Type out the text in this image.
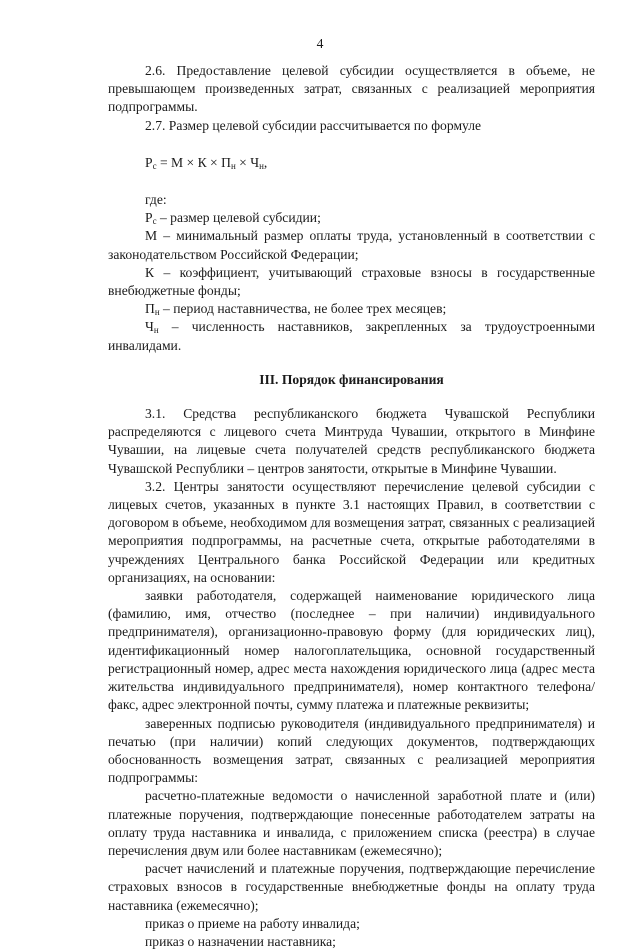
4

2.6. Предоставление целевой субсидии осуществляется в объеме, не превышающем произведенных затрат, связанных с реализацией мероприятия подпрограммы.

2.7. Размер целевой субсидии рассчитывается по формуле

$Р_с = М \times К \times П_н \times Ч_н$,

где:

$Р_с$ – размер целевой субсидии;

М – минимальный размер оплаты труда, установленный в соответствии с законодательством Российской Федерации;

К – коэффициент, учитывающий страховые взносы в государственные внебюджетные фонды;

$П_н$ – период наставничества, не более трех месяцев;

$Ч_н$ – численность наставников, закрепленных за трудоустроенными инвалидами.

III. Порядок финансирования

3.1. Средства республиканского бюджета Чувашской Республики распределяются с лицевого счета Минтруда Чувашии, открытого в Минфине Чувашии, на лицевые счета получателей средств республиканского бюджета Чувашской Республики – центров занятости, открытые в Минфине Чувашии.

3.2. Центры занятости осуществляют перечисление целевой субсидии с лицевых счетов, указанных в пункте 3.1 настоящих Правил, в соответствии с договором в объеме, необходимом для возмещения затрат, связанных с реализацией мероприятия подпрограммы, на расчетные счета, открытые работодателями в учреждениях Центрального банка Российской Федерации или кредитных организациях, на основании:

заявки работодателя, содержащей наименование юридического лица (фамилию, имя, отчество (последнее – при наличии) индивидуального предпринимателя), организационно-правовую форму (для юридических лиц), идентификационный номер налогоплательщика, основной государственный регистрационный номер, адрес места нахождения юридического лица (адрес места жительства индивидуального предпринимателя), номер контактного телефона/факс, адрес электронной почты, сумму платежа и платежные реквизиты;

заверенных подписью руководителя (индивидуального предпринимателя) и печатью (при наличии) копий следующих документов, подтверждающих обоснованность возмещения затрат, связанных с реализацией мероприятия подпрограммы:

расчетно-платежные ведомости о начисленной заработной плате и (или) платежные поручения, подтверждающие понесенные работодателем затраты на оплату труда наставника и инвалида, с приложением списка (реестра) в случае перечисления двум или более наставникам (ежемесячно);

расчет начислений и платежные поручения, подтверждающие перечисление страховых взносов в государственные внебюджетные фонды на оплату труда наставника (ежемесячно);

приказ о приеме на работу инвалида;

приказ о назначении наставника;
